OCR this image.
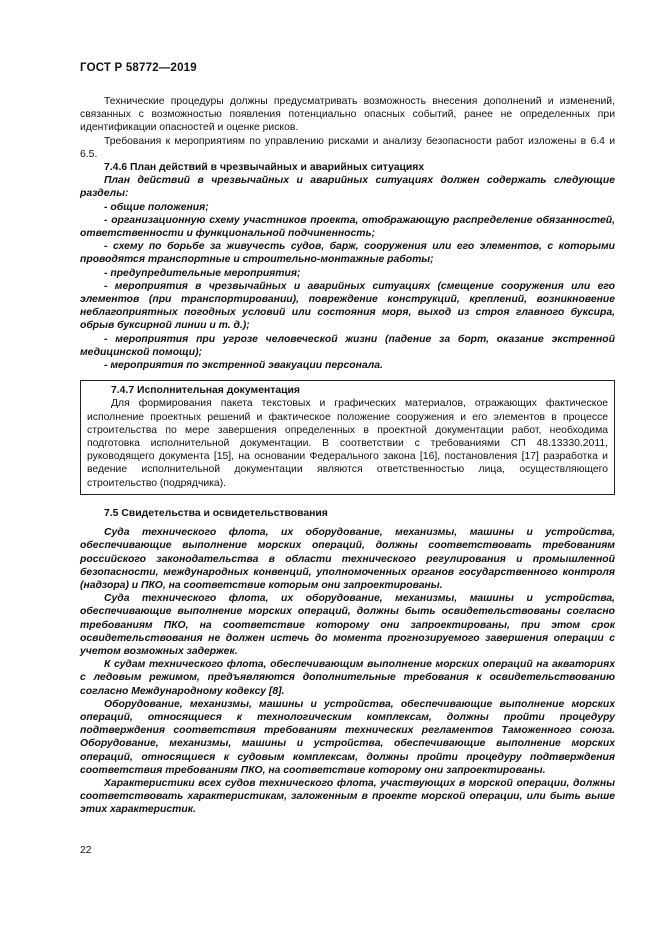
ГОСТ Р 58772—2019

Технические процедуры должны предусматривать возможность внесения дополнений и изменений, связанных с возможностью появления потенциально опасных событий, ранее не определенных при идентификации опасностей и оценке рисков.

Требования к мероприятиям по управлению рисками и анализу безопасности работ изложены в 6.4 и 6.5.

7.4.6 План действий в чрезвычайных и аварийных ситуациях

План действий в чрезвычайных и аварийных ситуациях должен содержать следующие разделы:

- общие положения;

- организационную схему участников проекта, отображающую распределение обязанностей, ответственности и функциональной подчиненность;

- схему по борьбе за живучесть судов, барж, сооружения или его элементов, с которыми проводятся транспортные и строительно-монтажные работы;

- предупредительные мероприятия;

- мероприятия в чрезвычайных и аварийных ситуациях (смещение сооружения или его элементов (при транспортировании), повреждение конструкций, креплений, возникновение неблагоприятных погодных условий или состояния моря, выход из строя главного буксира, обрыв буксирной линии и т. д.);

- мероприятия при угрозе человеческой жизни (падение за борт, оказание экстренной медицинской помощи);

- мероприятия по экстренной эвакуации персонала.

7.4.7 Исполнительная документация

Для формирования пакета текстовых и графических материалов, отражающих фактическое исполнение проектных решений и фактическое положение сооружения и его элементов в процессе строительства по мере завершения определенных в проектной документации работ, необходима подготовка исполнительной документации. В соответствии с требованиями СП 48.13330.2011, руководящего документа [15], на основании Федерального закона [16], постановления [17] разработка и ведение исполнительной документации являются ответственностью лица, осуществляющего строительство (подрядчика).

7.5 Свидетельства и освидетельствования

Суда технического флота, их оборудование, механизмы, машины и устройства, обеспечивающие выполнение морских операций, должны соответствовать требованиям российского законодательства в области технического регулирования и промышленной безопасности, международных конвенций, уполномоченных органов государственного контроля (надзора) и ПКО, на соответствие которым они запроектированы.

Суда технического флота, их оборудование, механизмы, машины и устройства, обеспечивающие выполнение морских операций, должны быть освидетельствованы согласно требованиям ПКО, на соответствие которому они запроектированы, при этом срок освидетельствования не должен истечь до момента прогнозируемого завершения операции с учетом возможных задержек.

К судам технического флота, обеспечивающим выполнение морских операций на акваториях с ледовым режимом, предъявляются дополнительные требования к освидетельствованию согласно Международному кодексу [8].

Оборудование, механизмы, машины и устройства, обеспечивающие выполнение морских операций, относящиеся к технологическим комплексам, должны пройти процедуру подтверждения соответствия требованиям технических регламентов Таможенного союза. Оборудование, механизмы, машины и устройства, обеспечивающие выполнение морских операций, относящиеся к судовым комплексам, должны пройти процедуру подтверждения соответствия требованиям ПКО, на соответствие которому они запроектированы.

Характеристики всех судов технического флота, участвующих в морской операции, должны соответствовать характеристикам, заложенным в проекте морской операции, или быть выше этих характеристик.

22
